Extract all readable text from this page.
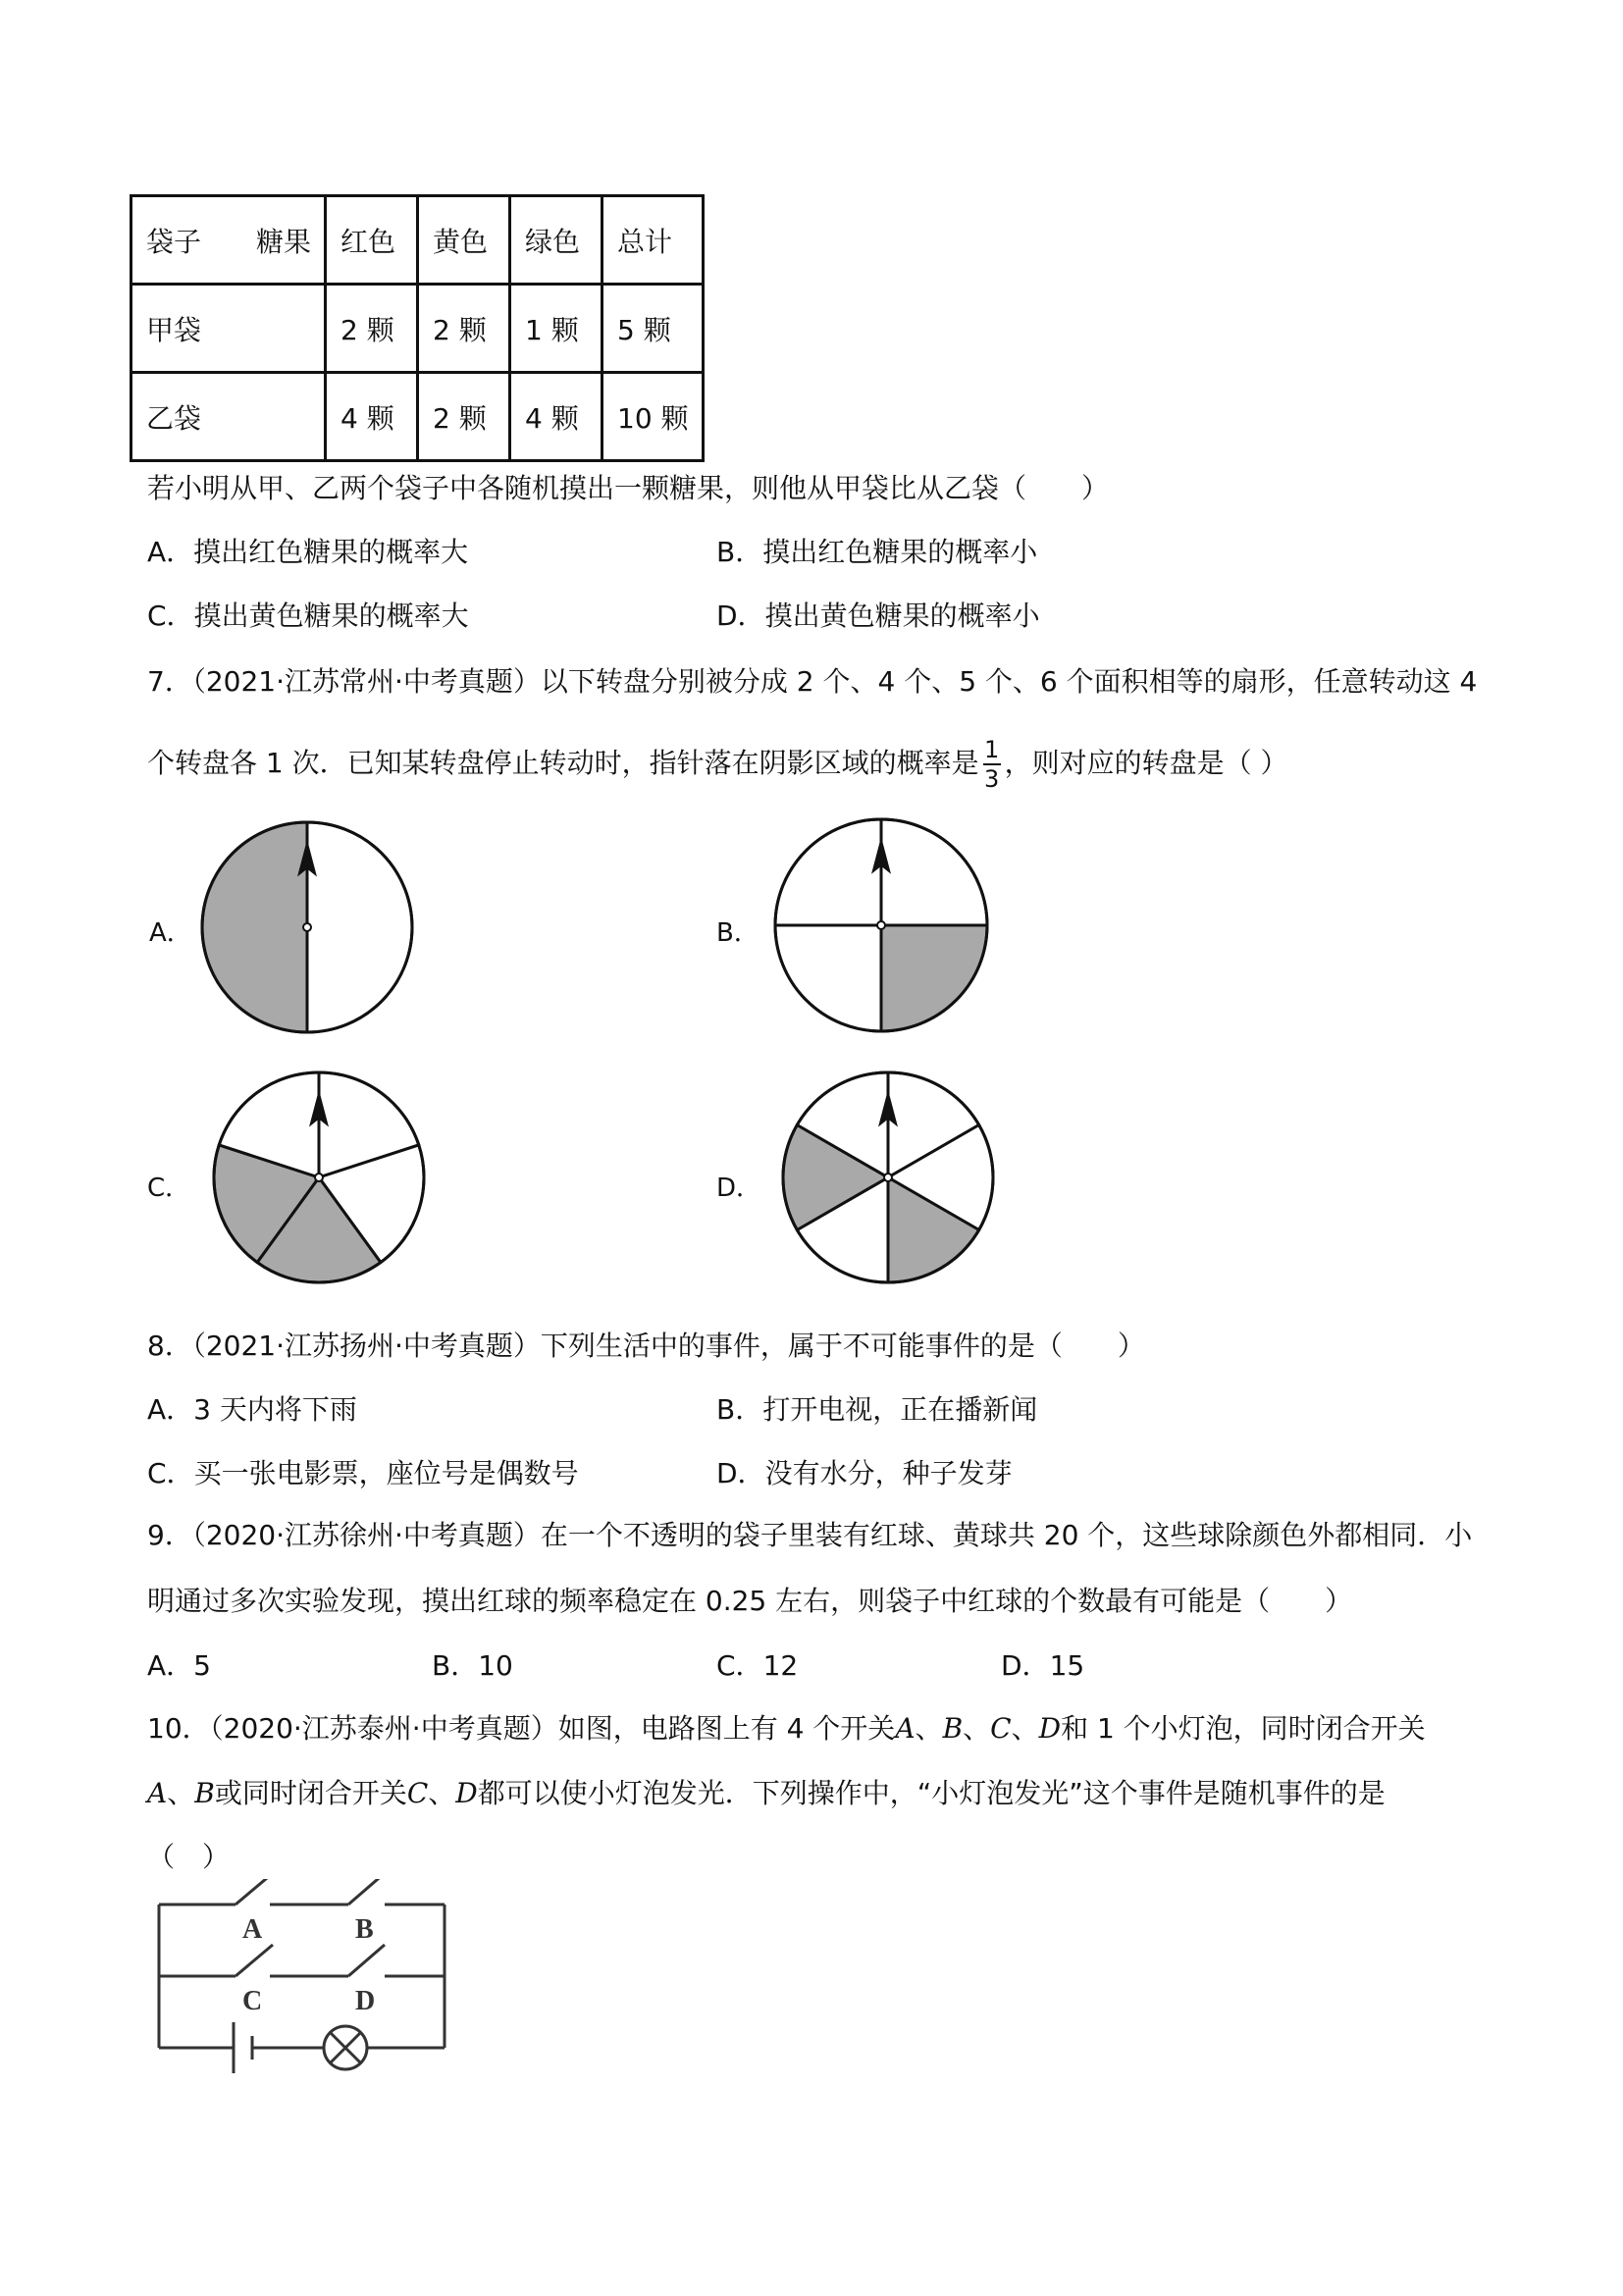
袋子　　糖果	红色	黄色	绿色	总计
甲袋	2 颗	2 颗	1 颗	5 颗
乙袋	4 颗	2 颗	4 颗	10 颗
若小明从甲、乙两个袋子中各随机摸出一颗糖果，则他从甲袋比从乙袋（　　）
A．摸出红色糖果的概率大	B．摸出红色糖果的概率小
C．摸出黄色糖果的概率大	D．摸出黄色糖果的概率小
7．（2021·江苏常州·中考真题）以下转盘分别被分成 2 个、4 个、5 个、6 个面积相等的扇形，任意转动这 4
个转盘各 1 次．已知某转盘停止转动时，指针落在阴影区域的概率是 $\frac{1}{3}$ ，则对应的转盘是（ ）
A．	B．
C．	D．
8．（2021·江苏扬州·中考真题）下列生活中的事件，属于不可能事件的是（　　）
A．3 天内将下雨	B．打开电视，正在播新闻
C．买一张电影票，座位号是偶数号	D．没有水分，种子发芽
9．（2020·江苏徐州·中考真题）在一个不透明的袋子里装有红球、黄球共 20 个，这些球除颜色外都相同．小
明通过多次实验发现，摸出红球的频率稳定在 0.25 左右，则袋子中红球的个数最有可能是（　　）
A．5	B．10	C．12	D．15
10．（2020·江苏泰州·中考真题）如图，电路图上有 4 个开关A、B、C、D和 1 个小灯泡，同时闭合开关
A、B或同时闭合开关C、D都可以使小灯泡发光．下列操作中，“小灯泡发光”这个事件是随机事件的是
（　）
A	B
C	D
